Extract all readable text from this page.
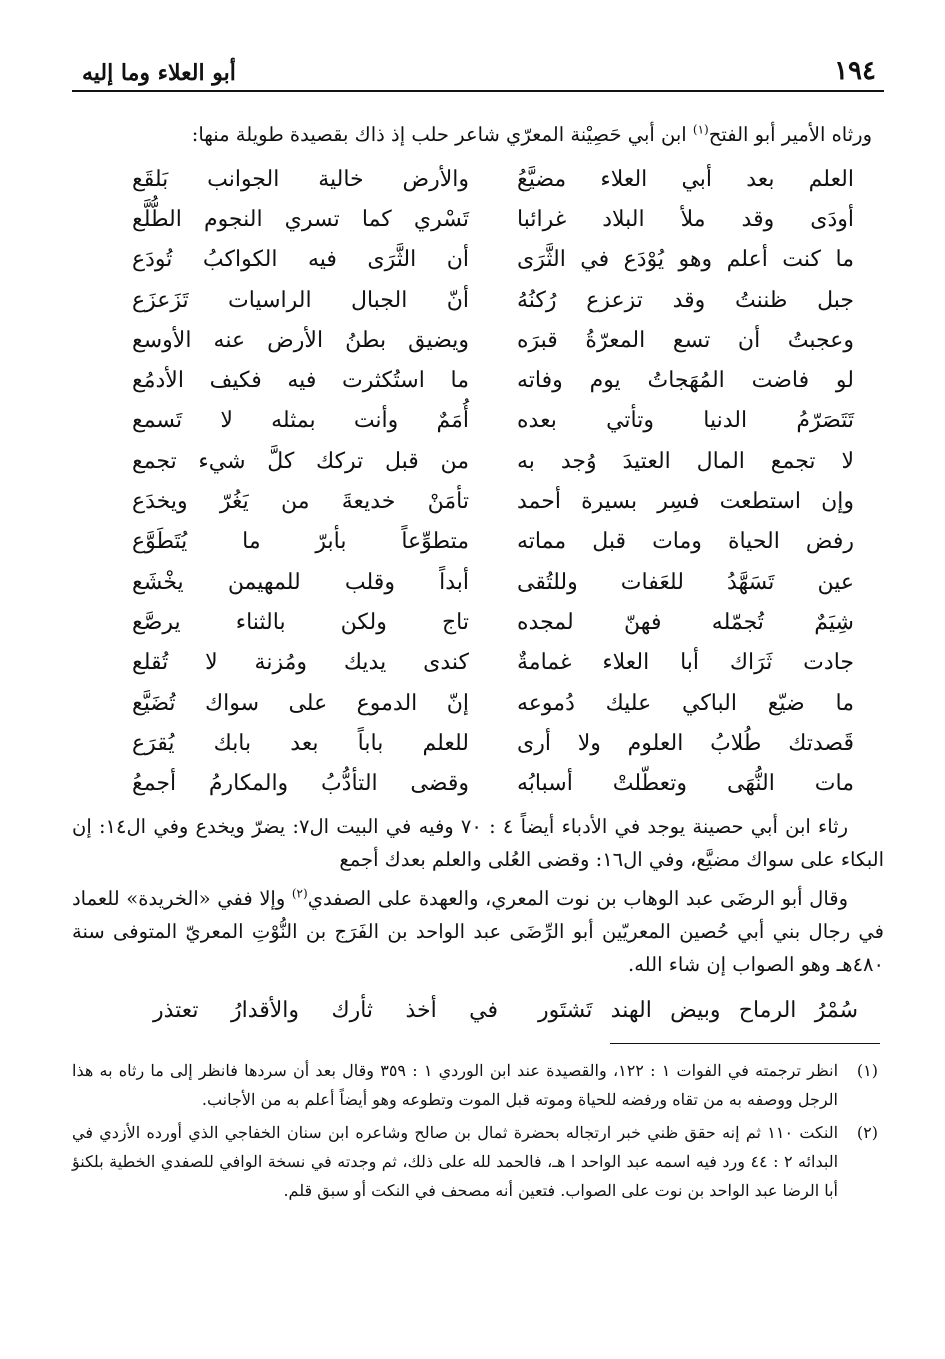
١٩٤
أبو العلاء وما إليه

ورثاه الأمير أبو الفتح$^{(١)}$ ابن أبي حَصِيْنة المعرّي شاعر حلب إذ ذاك بقصيدة طويلة منها:

العلم بعد أبي العلاء مضيَّعُ
والأرض خالية الجوانب بَلقَع
أودَى وقد ملأ البلاد غرائبا
تَسْري كما تسري النجوم الطُّلَّع
ما كنت أعلم وهو يُوْدَع في الثَّرَى
أن الثَّرَى فيه الكواكبُ تُودَع
جبل ظننتُ وقد تزعزع رُكنُهُ
أنّ الجبال الراسيات تَزَعزَع
وعجبتُ أن تسع المعرّةُ قبرَه
ويضيق بطنُ الأرض عنه الأوسع
لو فاضت المُهَجاتُ يوم وفاته
ما استُكثرت فيه فكيف الأدمُع
تَتَصَرّمُ الدنيا وتأتي بعده
أُمَمٌ وأنت بمثله لا تَسمع
لا تجمع المال العتيدَ وُجد به
من قبل تركك كلَّ شيء تجمع
وإن استطعت فسِر بسيرة أحمد
تأمَنْ خديعةَ من يَغُرّ ويخدَع
رفض الحياة ومات قبل مماته
متطوِّعاً بأبرّ ما يُتَطَوَّع
عين تَسَهَّدُ للعَفات وللتُقى
أبداً وقلب للمهيمن يخْشَع
شِيَمٌ تُجمّله فهنّ لمجده
تاج ولكن بالثناء يرصَّع
جادت ثَرَاك أبا العلاء غمامةٌ
كندى يديك ومُزنة لا تُقلع
ما ضيّع الباكي عليك دُموعه
إنّ الدموع على سواك تُضَيَّع
قَصدتك طُلابُ العلوم ولا أرى
للعلم باباً بعد بابك يُقرَع
مات النُّهَى وتعطّلتْ أسبابُه
وقضى التأدُّبُ والمكارمُ أجمعُ

رثاء ابن أبي حصينة يوجد في الأدباء أيضاً ٤ : ٧٠ وفيه في البيت ال٧: يضرّ ويخدع وفي ال١٤: إن البكاء على سواك مضيَّع، وفي ال١٦: وقضى العُلى والعلم بعدك أجمع

وقال أبو الرضَى عبد الوهاب بن نوت المعري، والعهدة على الصفدي$^{(٢)}$ وإلا ففي «الخريدة» للعماد في رجال بني أبي حُصين المعريّين أبو الرِّضَى عبد الواحد بن الفَرَج بن النُّوْتِ المعريّ المتوفى سنة ٤٨٠هـ وهو الصواب إن شاء الله.

سُمْرُ الرماح وبيض الهند تَشتَور
في أخذ ثأرك والأقدارُ تعتذر
(١)
انظر ترجمته في الفوات ١ : ١٢٢، والقصيدة عند ابن الوردي ١ : ٣٥٩ وقال بعد أن سردها فانظر إلى ما رثاه به هذا الرجل ووصفه به من تقاه ورفضه للحياة وموته قبل الموت وتطوعه وهو أيضاً أعلم به من الأجانب.
(٢)
النكت ١١٠ ثم إنه حقق ظني خبر ارتجاله بحضرة ثمال بن صالح وشاعره ابن سنان الخفاجي الذي أورده الأزدي في البدائه ٢ : ٤٤ ورد فيه اسمه عبد الواحد ا هـ، فالحمد لله على ذلك، ثم وجدته في نسخة الوافي للصفدي الخطية بلكنؤ أبا الرضا عبد الواحد بن نوت على الصواب. فتعين أنه مصحف في النكت أو سبق قلم.
